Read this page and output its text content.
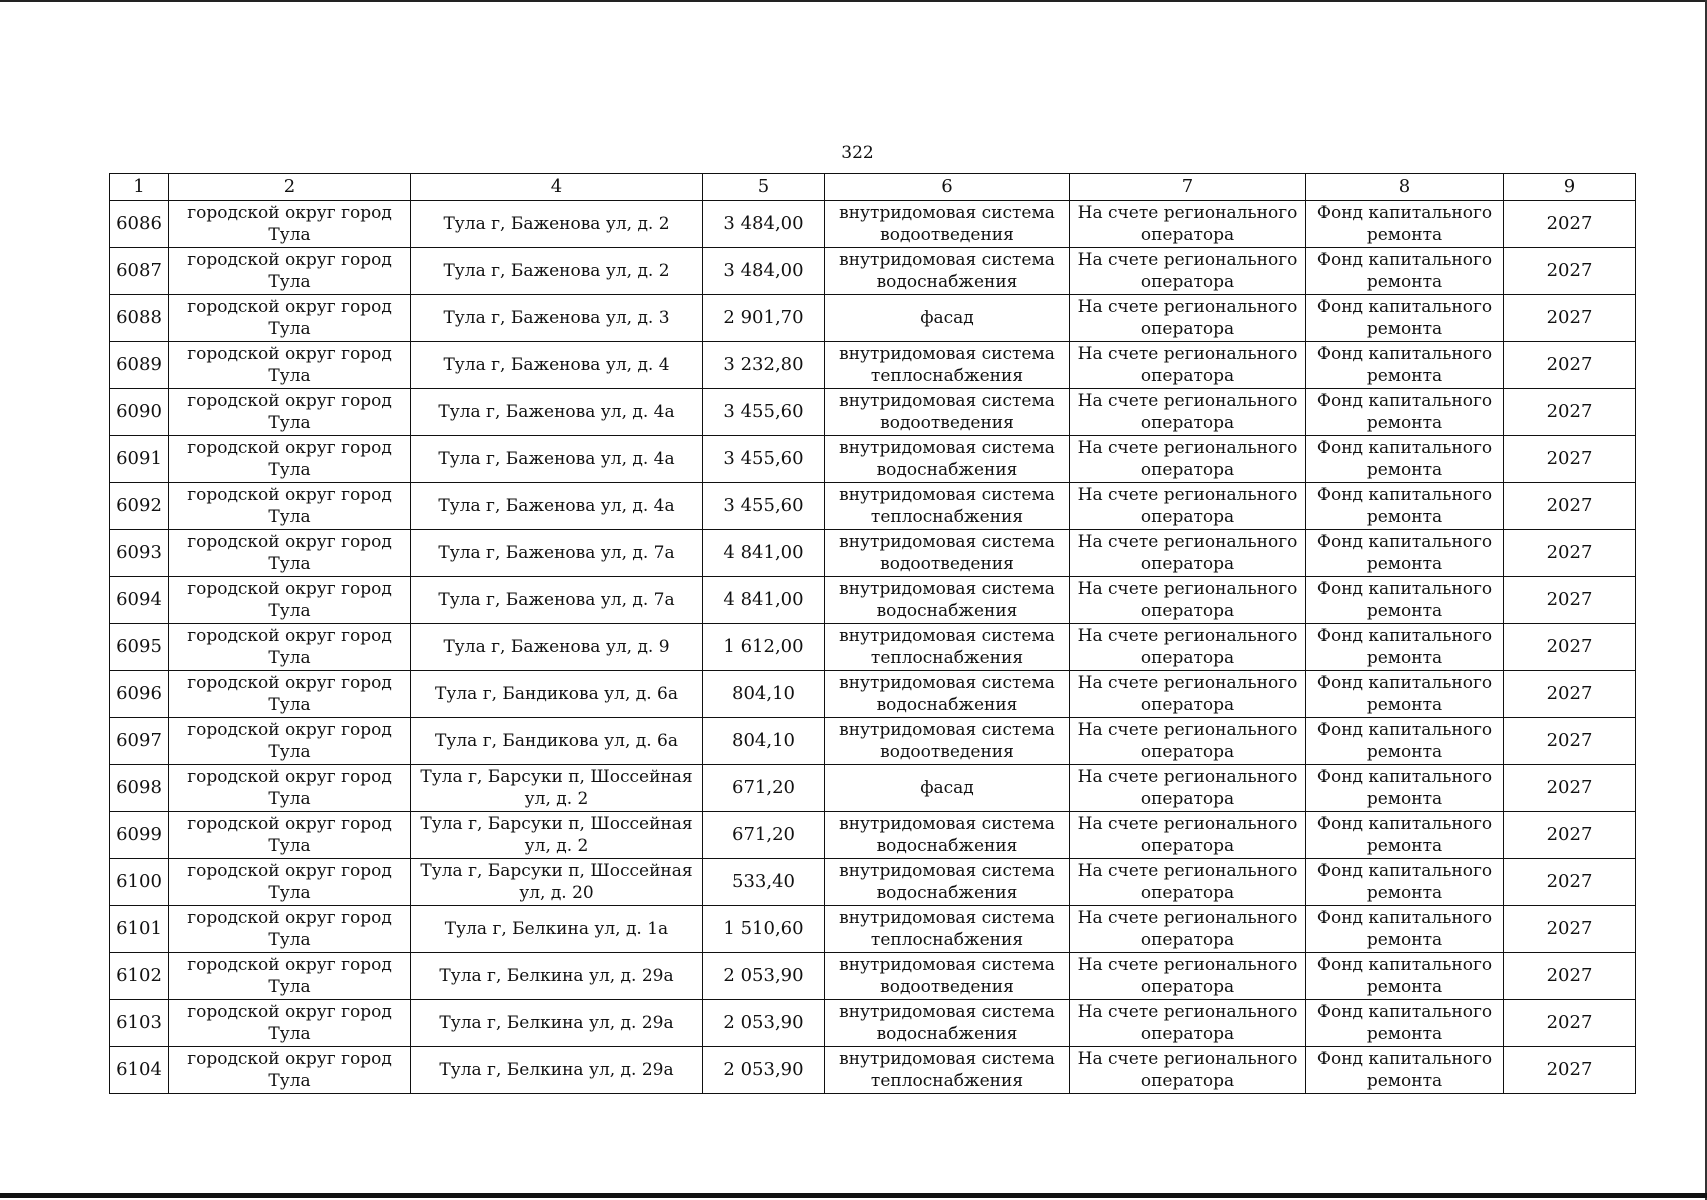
322
1	2	4	5	6	7	8	9
6086	городской округ город Тула	Тула г, Баженова ул, д. 2	3 484,00	внутридомовая система водоотведения	На счете регионального оператора	Фонд капитального ремонта	2027
6087	городской округ город Тула	Тула г, Баженова ул, д. 2	3 484,00	внутридомовая система водоснабжения	На счете регионального оператора	Фонд капитального ремонта	2027
6088	городской округ город Тула	Тула г, Баженова ул, д. 3	2 901,70	фасад	На счете регионального оператора	Фонд капитального ремонта	2027
6089	городской округ город Тула	Тула г, Баженова ул, д. 4	3 232,80	внутридомовая система теплоснабжения	На счете регионального оператора	Фонд капитального ремонта	2027
6090	городской округ город Тула	Тула г, Баженова ул, д. 4а	3 455,60	внутридомовая система водоотведения	На счете регионального оператора	Фонд капитального ремонта	2027
6091	городской округ город Тула	Тула г, Баженова ул, д. 4а	3 455,60	внутридомовая система водоснабжения	На счете регионального оператора	Фонд капитального ремонта	2027
6092	городской округ город Тула	Тула г, Баженова ул, д. 4а	3 455,60	внутридомовая система теплоснабжения	На счете регионального оператора	Фонд капитального ремонта	2027
6093	городской округ город Тула	Тула г, Баженова ул, д. 7а	4 841,00	внутридомовая система водоотведения	На счете регионального оператора	Фонд капитального ремонта	2027
6094	городской округ город Тула	Тула г, Баженова ул, д. 7а	4 841,00	внутридомовая система водоснабжения	На счете регионального оператора	Фонд капитального ремонта	2027
6095	городской округ город Тула	Тула г, Баженова ул, д. 9	1 612,00	внутридомовая система теплоснабжения	На счете регионального оператора	Фонд капитального ремонта	2027
6096	городской округ город Тула	Тула г, Бандикова ул, д. 6а	804,10	внутридомовая система водоснабжения	На счете регионального оператора	Фонд капитального ремонта	2027
6097	городской округ город Тула	Тула г, Бандикова ул, д. 6а	804,10	внутридомовая система водоотведения	На счете регионального оператора	Фонд капитального ремонта	2027
6098	городской округ город Тула	Тула г, Барсуки п, Шоссейная ул, д. 2	671,20	фасад	На счете регионального оператора	Фонд капитального ремонта	2027
6099	городской округ город Тула	Тула г, Барсуки п, Шоссейная ул, д. 2	671,20	внутридомовая система водоснабжения	На счете регионального оператора	Фонд капитального ремонта	2027
6100	городской округ город Тула	Тула г, Барсуки п, Шоссейная ул, д. 20	533,40	внутридомовая система водоснабжения	На счете регионального оператора	Фонд капитального ремонта	2027
6101	городской округ город Тула	Тула г, Белкина ул, д. 1а	1 510,60	внутридомовая система теплоснабжения	На счете регионального оператора	Фонд капитального ремонта	2027
6102	городской округ город Тула	Тула г, Белкина ул, д. 29а	2 053,90	внутридомовая система водоотведения	На счете регионального оператора	Фонд капитального ремонта	2027
6103	городской округ город Тула	Тула г, Белкина ул, д. 29а	2 053,90	внутридомовая система водоснабжения	На счете регионального оператора	Фонд капитального ремонта	2027
6104	городской округ город Тула	Тула г, Белкина ул, д. 29а	2 053,90	внутридомовая система теплоснабжения	На счете регионального оператора	Фонд капитального ремонта	2027
